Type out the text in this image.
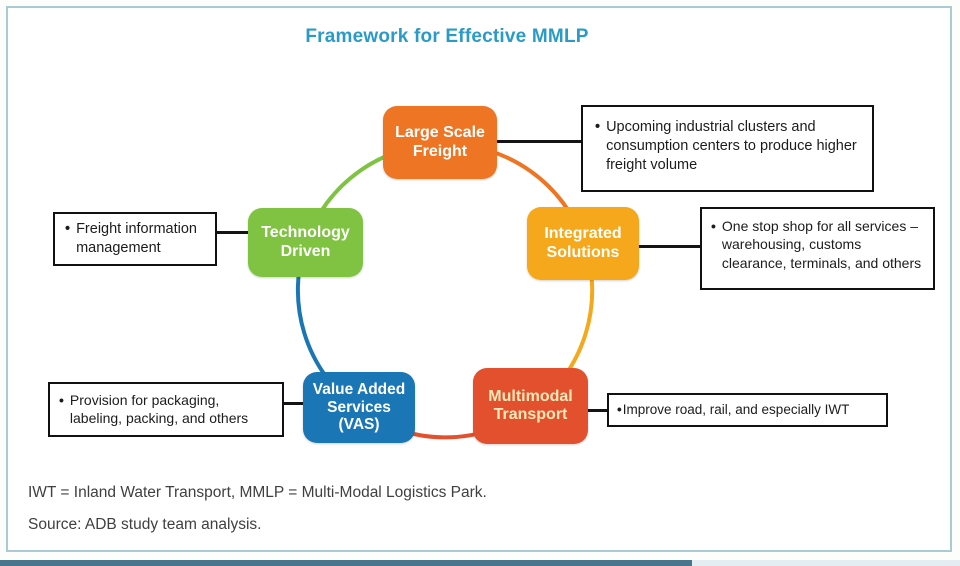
Framework for Effective MMLP
Large Scale
Freight
Integrated
Solutions
Multimodal
Transport
Value Added
Services
(VAS)
Technology
Driven
• Upcoming industrial clusters and consumption centers to produce higher freight volume
• Freight information management
• One stop shop for all services – warehousing, customs clearance, terminals, and others
• Provision for packaging, labeling, packing, and others
• Improve road, rail, and especially IWT
IWT = Inland Water Transport, MMLP = Multi-Modal Logistics Park.
Source: ADB study team analysis.
